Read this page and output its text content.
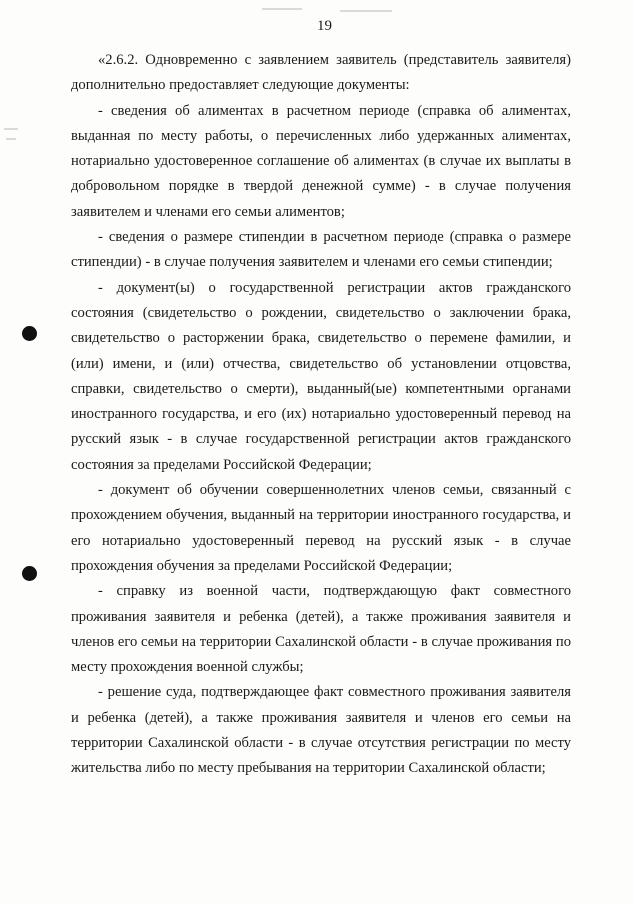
19

«2.6.2. Одновременно с заявлением заявитель (представитель заявителя) дополнительно предоставляет следующие документы:

- сведения об алиментах в расчетном периоде (справка об алиментах, выданная по месту работы, о перечисленных либо удержанных алиментах, нотариально удостоверенное соглашение об алиментах (в случае их выплаты в добровольном порядке в твердой денежной сумме) - в случае получения заявителем и членами его семьи алиментов;

- сведения о размере стипендии в расчетном периоде (справка о размере стипендии) - в случае получения заявителем и членами его семьи стипендии;

- документ(ы) о государственной регистрации актов гражданского состояния (свидетельство о рождении, свидетельство о заключении брака, свидетельство о расторжении брака, свидетельство о перемене фамилии, и (или) имени, и (или) отчества, свидетельство об установлении отцовства, справки, свидетельство о смерти), выданный(ые) компетентными органами иностранного государства, и его (их) нотариально удостоверенный перевод на русский язык - в случае государственной регистрации актов гражданского состояния за пределами Российской Федерации;

- документ об обучении совершеннолетних членов семьи, связанный с прохождением обучения, выданный на территории иностранного государства, и его нотариально удостоверенный перевод на русский язык - в случае прохождения обучения за пределами Российской Федерации;

- справку из военной части, подтверждающую факт совместного проживания заявителя и ребенка (детей), а также проживания заявителя и членов его семьи на территории Сахалинской области - в случае проживания по месту прохождения военной службы;

- решение суда, подтверждающее факт совместного проживания заявителя и ребенка (детей), а также проживания заявителя и членов его семьи на территории Сахалинской области - в случае отсутствия регистрации по месту жительства либо по месту пребывания на территории Сахалинской области;
